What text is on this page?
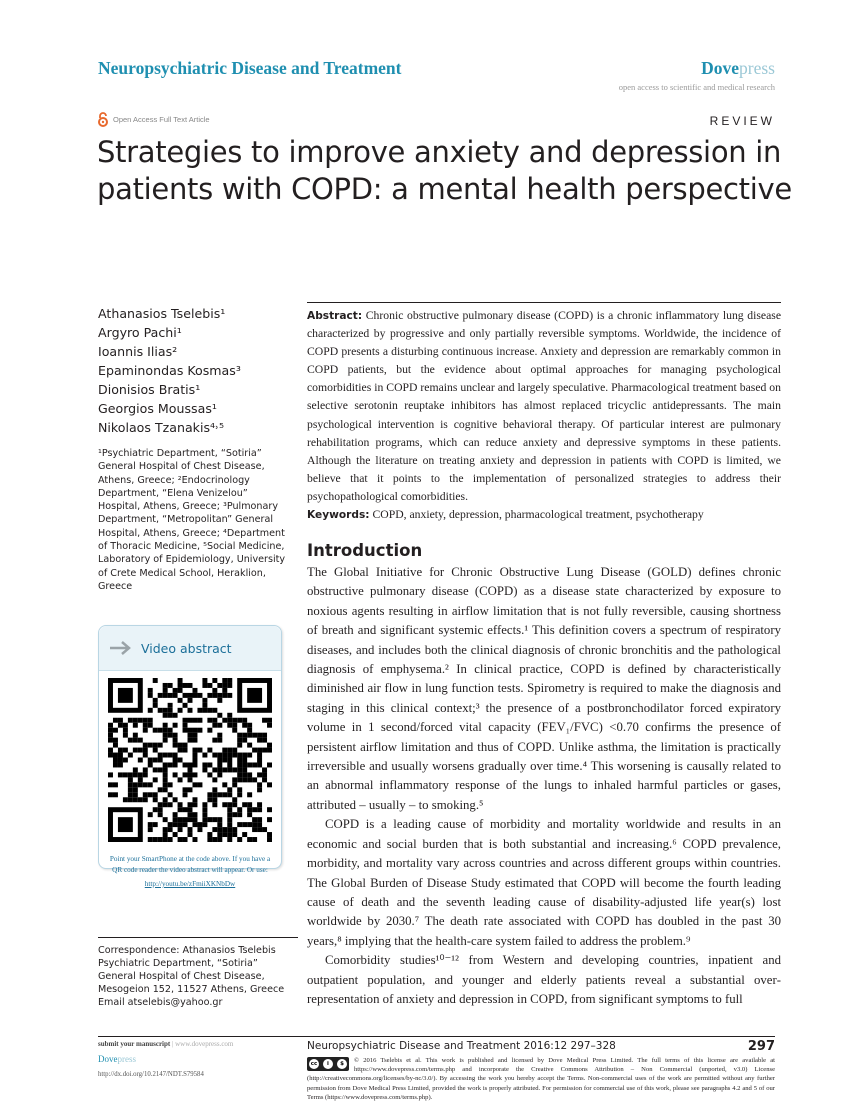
Neuropsychiatric Disease and Treatment	Dovepress
open access to scientific and medical research
Open Access Full Text Article	REVIEW
Strategies to improve anxiety and depression in patients with COPD: a mental health perspective
Athanasios Tselebis¹
Argyro Pachi¹
Ioannis Ilias²
Epaminondas Kosmas³
Dionisios Bratis¹
Georgios Moussas¹
Nikolaos Tzanakis⁴˒⁵
¹Psychiatric Department, “Sotiria” General Hospital of Chest Disease, Athens, Greece; ²Endocrinology Department, “Elena Venizelou” Hospital, Athens, Greece; ³Pulmonary Department, “Metropolitan” General Hospital, Athens, Greece; ⁴Department of Thoracic Medicine, ⁵Social Medicine, Laboratory of Epidemiology, University of Crete Medical School, Heraklion, Greece
Video abstract
Point your SmartPhone at the code above. If you have a QR code reader the video abstract will appear. Or use:
http://youtu.be/zFmiiXKNbDw
Correspondence: Athanasios Tselebis
Psychiatric Department, “Sotiria”
General Hospital of Chest Disease,
Mesogeion 152, 11527 Athens, Greece
Email atselebis@yahoo.gr
Abstract: Chronic obstructive pulmonary disease (COPD) is a chronic inflammatory lung disease characterized by progressive and only partially reversible symptoms. Worldwide, the incidence of COPD presents a disturbing continuous increase. Anxiety and depression are remarkably common in COPD patients, but the evidence about optimal approaches for managing psychological comorbidities in COPD remains unclear and largely speculative. Pharmacological treatment based on selective serotonin reuptake inhibitors has almost replaced tricyclic antidepressants. The main psychological intervention is cognitive behavioral therapy. Of particular interest are pulmonary rehabilitation programs, which can reduce anxiety and depressive symptoms in these patients. Although the literature on treating anxiety and depression in patients with COPD is limited, we believe that it points to the implementation of personalized strategies to address their psychopathological comorbidities.
Keywords: COPD, anxiety, depression, pharmacological treatment, psychotherapy
Introduction

The Global Initiative for Chronic Obstructive Lung Disease (GOLD) defines chronic obstructive pulmonary disease (COPD) as a disease state characterized by exposure to noxious agents resulting in airflow limitation that is not fully reversible, causing shortness of breath and significant systemic effects.¹ This definition covers a spectrum of respiratory diseases, and includes both the clinical diagnosis of chronic bronchitis and the pathological diagnosis of emphysema.² In clinical practice, COPD is defined by characteristically diminished air flow in lung function tests. Spirometry is required to make the diagnosis and staging in this clinical context;³ the presence of a postbronchodilator forced expiratory volume in 1 second/forced vital capacity (FEV₁/FVC) <0.70 confirms the presence of persistent airflow limitation and thus of COPD. Unlike asthma, the limitation is practically irreversible and usually worsens gradually over time.⁴ This worsening is causally related to an abnormal inflammatory response of the lungs to inhaled harmful particles or gases, attributed – usually – to smoking.⁵

COPD is a leading cause of morbidity and mortality worldwide and results in an economic and social burden that is both substantial and increasing.⁶ COPD prevalence, morbidity, and mortality vary across countries and across different groups within countries. The Global Burden of Disease Study estimated that COPD will become the fourth leading cause of death and the seventh leading cause of disability-adjusted life year(s) lost worldwide by 2030.⁷ The death rate associated with COPD has doubled in the past 30 years,⁸ implying that the health-care system failed to address the problem.⁹

Comorbidity studies¹⁰⁻¹² from Western and developing countries, inpatient and outpatient population, and younger and elderly patients reveal a substantial overrepresentation of anxiety and depression in COPD, from significant symptoms to full

submit your manuscript | www.dovepress.com
Dovepress
http://dx.doi.org/10.2147/NDT.S79584
Neuropsychiatric Disease and Treatment 2016:12 297–328	297
cc	i	$	© 2016 Tselebis et al. This work is published and licensed by Dove Medical Press Limited. The full terms of this license are available at https://www.dovepress.com/terms.php and incorporate the Creative Commons Attribution – Non Commercial (unported, v3.0) License (http://creativecommons.org/licenses/by-nc/3.0/). By accessing the work you hereby accept the Terms. Non-commercial uses of the work are permitted without any further permission from Dove Medical Press Limited, provided the work is properly attributed. For permission for commercial use of this work, please see paragraphs 4.2 and 5 of our Terms (https://www.dovepress.com/terms.php).
